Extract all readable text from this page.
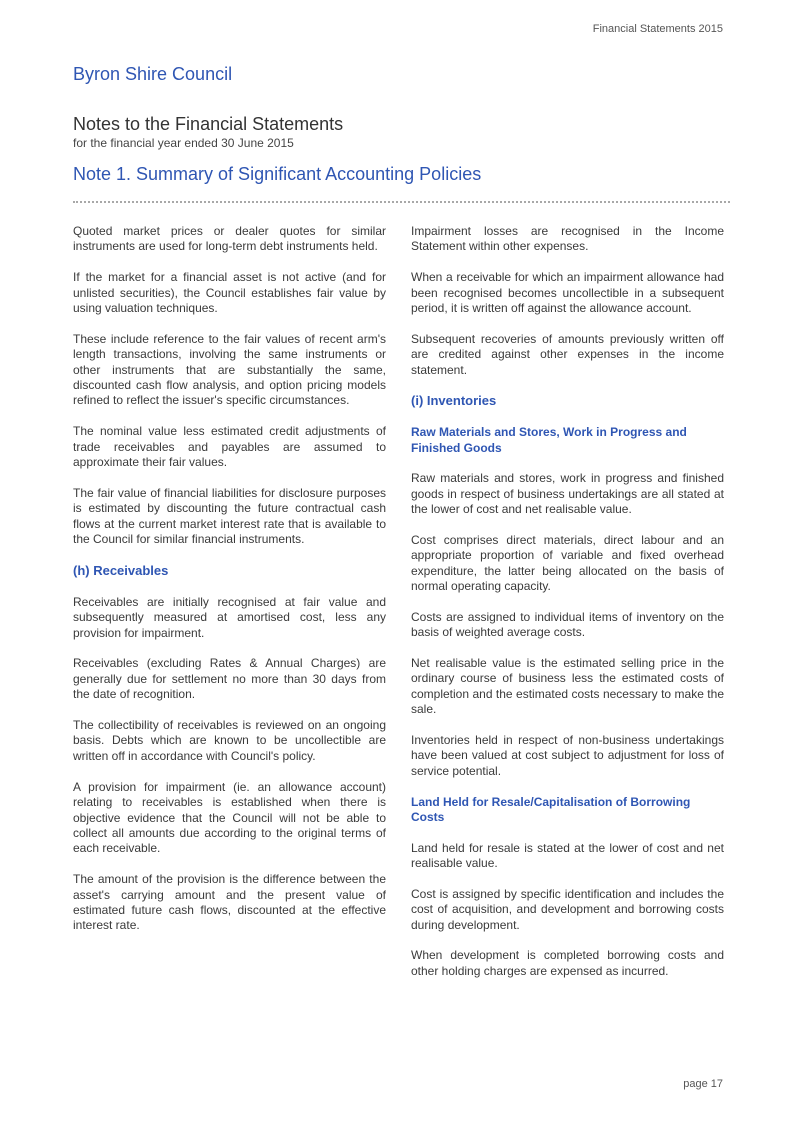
Financial Statements 2015
Byron Shire Council
Notes to the Financial Statements
for the financial year ended 30 June 2015
Note 1. Summary of Significant Accounting Policies

Quoted market prices or dealer quotes for similar instruments are used for long-term debt instruments held.

If the market for a financial asset is not active (and for unlisted securities), the Council establishes fair value by using valuation techniques.

These include reference to the fair values of recent arm's length transactions, involving the same instruments or other instruments that are substantially the same, discounted cash flow analysis, and option pricing models refined to reflect the issuer's specific circumstances.

The nominal value less estimated credit adjustments of trade receivables and payables are assumed to approximate their fair values.

The fair value of financial liabilities for disclosure purposes is estimated by discounting the future contractual cash flows at the current market interest rate that is available to the Council for similar financial instruments.

(h) Receivables

Receivables are initially recognised at fair value and subsequently measured at amortised cost, less any provision for impairment.

Receivables (excluding Rates & Annual Charges) are generally due for settlement no more than 30 days from the date of recognition.

The collectibility of receivables is reviewed on an ongoing basis. Debts which are known to be uncollectible are written off in accordance with Council's policy.

A provision for impairment (ie. an allowance account) relating to receivables is established when there is objective evidence that the Council will not be able to collect all amounts due according to the original terms of each receivable.

The amount of the provision is the difference between the asset's carrying amount and the present value of estimated future cash flows, discounted at the effective interest rate.

Impairment losses are recognised in the Income Statement within other expenses.

When a receivable for which an impairment allowance had been recognised becomes uncollectible in a subsequent period, it is written off against the allowance account.

Subsequent recoveries of amounts previously written off are credited against other expenses in the income statement.

(i) Inventories
Raw Materials and Stores, Work in Progress and Finished Goods

Raw materials and stores, work in progress and finished goods in respect of business undertakings are all stated at the lower of cost and net realisable value.

Cost comprises direct materials, direct labour and an appropriate proportion of variable and fixed overhead expenditure, the latter being allocated on the basis of normal operating capacity.

Costs are assigned to individual items of inventory on the basis of weighted average costs.

Net realisable value is the estimated selling price in the ordinary course of business less the estimated costs of completion and the estimated costs necessary to make the sale.

Inventories held in respect of non-business undertakings have been valued at cost subject to adjustment for loss of service potential.

Land Held for Resale/Capitalisation of Borrowing Costs

Land held for resale is stated at the lower of cost and net realisable value.

Cost is assigned by specific identification and includes the cost of acquisition, and development and borrowing costs during development.

When development is completed borrowing costs and other holding charges are expensed as incurred.

page 17
